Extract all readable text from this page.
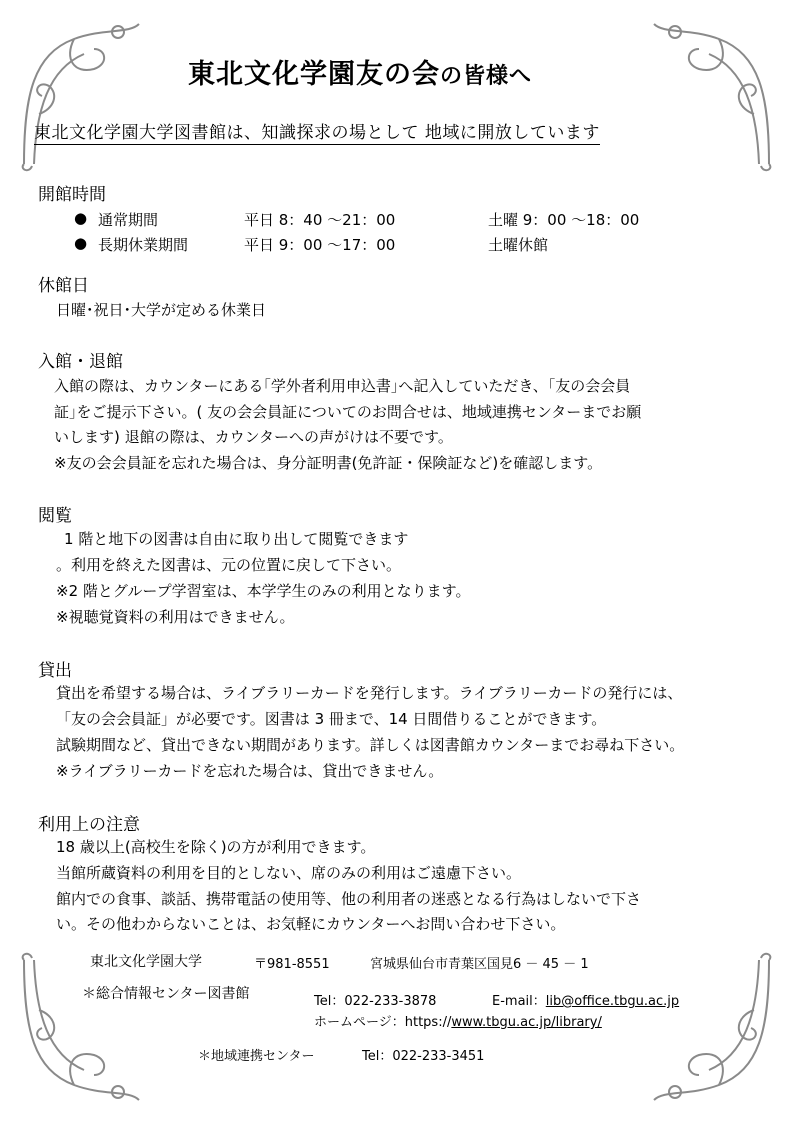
東北文化学園友の会の皆様へ
東北文化学園大学図書館は、知識探求の場として 地域に開放しています
開館時間
● 通常期間	平日 8：40 ～21：00	土曜 9：00 ～18：00
● 長期休業期間	平日 9：00 ～17：00	土曜休館
休館日
日曜･祝日･大学が定める休業日
入館・退館
入館の際は、カウンターにある｢学外者利用申込書｣へ記入していただき、｢友の会会員
証｣をご提示下さい。( 友の会会員証についてのお問合せは、地域連携センターまでお願
いします) 退館の際は、カウンターへの声がけは不要です。
※友の会会員証を忘れた場合は、身分証明書(免許証・保険証など)を確認します。
閲覧
1 階と地下の図書は自由に取り出して閲覧できます
。利用を終えた図書は、元の位置に戻して下さい。
※2 階とグループ学習室は、本学学生のみの利用となります。
※視聴覚資料の利用はできません。
貸出
貸出を希望する場合は、ライブラリーカードを発行します。ライブラリーカードの発行には、
「友の会会員証」が必要です。図書は 3 冊まで、14 日間借りることができます。
試験期間など、貸出できない期間があります。詳しくは図書館カウンターまでお尋ね下さい。
※ライブラリーカードを忘れた場合は、貸出できません。
利用上の注意
18 歳以上(高校生を除く)の方が利用できます。
当館所蔵資料の利用を目的としない、席のみの利用はご遠慮下さい。
館内での食事、談話、携帯電話の使用等、他の利用者の迷惑となる行為はしないで下さ
い。その他わからないことは、お気軽にカウンターへお問い合わせ下さい。
東北文化学園大学	〒981-8551	宮城県仙台市青葉区国見6 － 45 － 1
＊総合情報センター図書館	Tel：022-233-3878	E-mail：lib@office.tbgu.ac.jp
ホームページ：https://www.tbgu.ac.jp/library/
＊地域連携センター	Tel：022-233-3451
